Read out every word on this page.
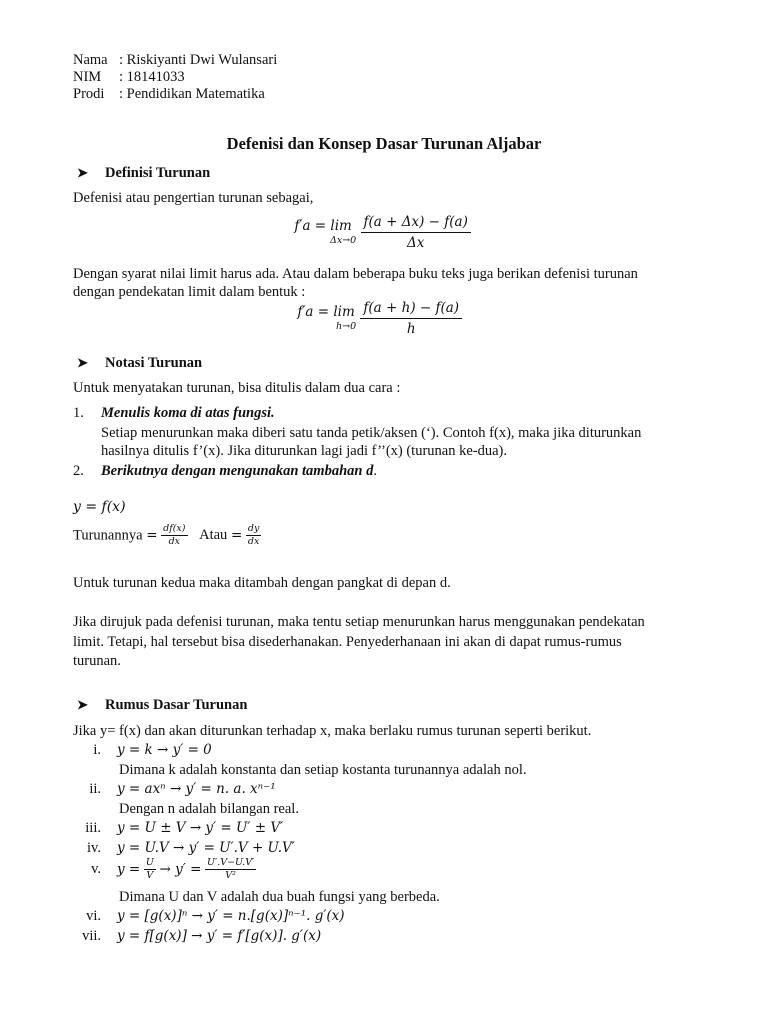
Nama : Riskiyanti Dwi Wulansari
NIM : 18141033
Prodi : Pendidikan Matematika
Defenisi dan Konsep Dasar Turunan Aljabar
➤ Definisi Turunan
Defenisi atau pengertian turunan sebagai,
f′a = lim
Δx→0
$\frac{f(a + \Delta x) - f(a)}{\Delta x}$
Dengan syarat nilai limit harus ada. Atau dalam beberapa buku teks juga berikan defenisi turunan
dengan pendekatan limit dalam bentuk :
f′a = lim
h→0
$\frac{f(a + h) - f(a)}{h}$
➤ Notasi Turunan
Untuk menyatakan turunan, bisa ditulis dalam dua cara :
1. Menulis koma di atas fungsi.
Setiap menurunkan maka diberi satu tanda petik/aksen (‘). Contoh f(x), maka jika diturunkan
hasilnya ditulis f’(x). Jika diturunkan lagi jadi f’’(x) (turunan ke-dua).
2. Berikutnya dengan mengunakan tambahan d.
y = f(x)
Turunannya = $\frac{df(x)}{dx}$ Atau = $\frac{dy}{dx}$
Untuk turunan kedua maka ditambah dengan pangkat di depan d.
Jika dirujuk pada defenisi turunan, maka tentu setiap menurunkan harus menggunakan pendekatan
limit. Tetapi, hal tersebut bisa disederhanakan. Penyederhanaan ini akan di dapat rumus-rumus
turunan.
➤ Rumus Dasar Turunan
Jika y= f(x) dan akan diturunkan terhadap x, maka berlaku rumus turunan seperti berikut.
i. y = k → y′ = 0
Dimana k adalah konstanta dan setiap kostanta turunannya adalah nol.
ii. y = axⁿ → y′ = n. a. xⁿ⁻¹
Dengan n adalah bilangan real.
iii. y = U ± V → y′ = U′ ± V′
iv. y = U.V → y′ = U′.V + U.V′
v. $y = \frac{U}{V} \to y' = \frac{U'.V-U.V'}{\text{V²}}$
Dimana U dan V adalah dua buah fungsi yang berbeda.
vi. y = [g(x)]ⁿ → y′ = n.[g(x)]ⁿ⁻¹. g′(x)
vii. y = f[g(x)] → y′ = f′[g(x)]. g′(x)
